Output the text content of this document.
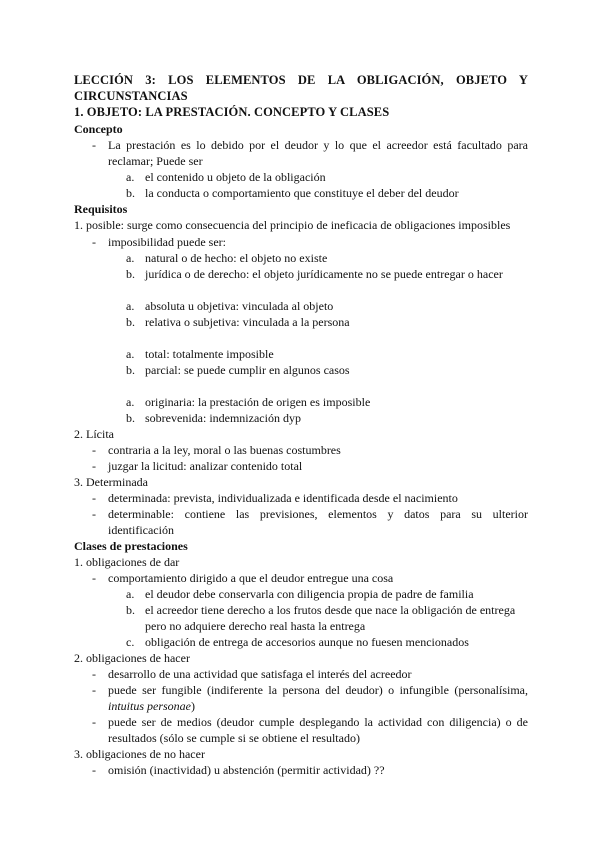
LECCIÓN 3: LOS ELEMENTOS DE LA OBLIGACIÓN, OBJETO Y
CIRCUNSTANCIAS
1. OBJETO: LA PRESTACIÓN. CONCEPTO Y CLASES
Concepto
- La prestación es lo debido por el deudor y lo que el acreedor está facultado para
reclamar; Puede ser
a. el contenido u objeto de la obligación
b. la conducta o comportamiento que constituye el deber del deudor
Requisitos
1. posible: surge como consecuencia del principio de ineficacia de obligaciones imposibles
- imposibilidad puede ser:
a. natural o de hecho: el objeto no existe
b. jurídica o de derecho: el objeto jurídicamente no se puede entregar o hacer
a. absoluta u objetiva: vinculada al objeto
b. relativa o subjetiva: vinculada a la persona
a. total: totalmente imposible
b. parcial: se puede cumplir en algunos casos
a. originaria: la prestación de origen es imposible
b. sobrevenida: indemnización dyp
2. Lícita
- contraria a la ley, moral o las buenas costumbres
- juzgar la licitud: analizar contenido total
3. Determinada
- determinada: prevista, individualizada e identificada desde el nacimiento
- determinable: contiene las previsiones, elementos y datos para su ulterior
identificación
Clases de prestaciones
1. obligaciones de dar
- comportamiento dirigido a que el deudor entregue una cosa
a. el deudor debe conservarla con diligencia propia de padre de familia
b. el acreedor tiene derecho a los frutos desde que nace la obligación de entrega
pero no adquiere derecho real hasta la entrega
c. obligación de entrega de accesorios aunque no fuesen mencionados
2. obligaciones de hacer
- desarrollo de una actividad que satisfaga el interés del acreedor
- puede ser fungible (indiferente la persona del deudor) o infungible (personalísima,
intuitus personae)
- puede ser de medios (deudor cumple desplegando la actividad con diligencia) o de
resultados (sólo se cumple si se obtiene el resultado)
3. obligaciones de no hacer
- omisión (inactividad) u abstención (permitir actividad) ??
